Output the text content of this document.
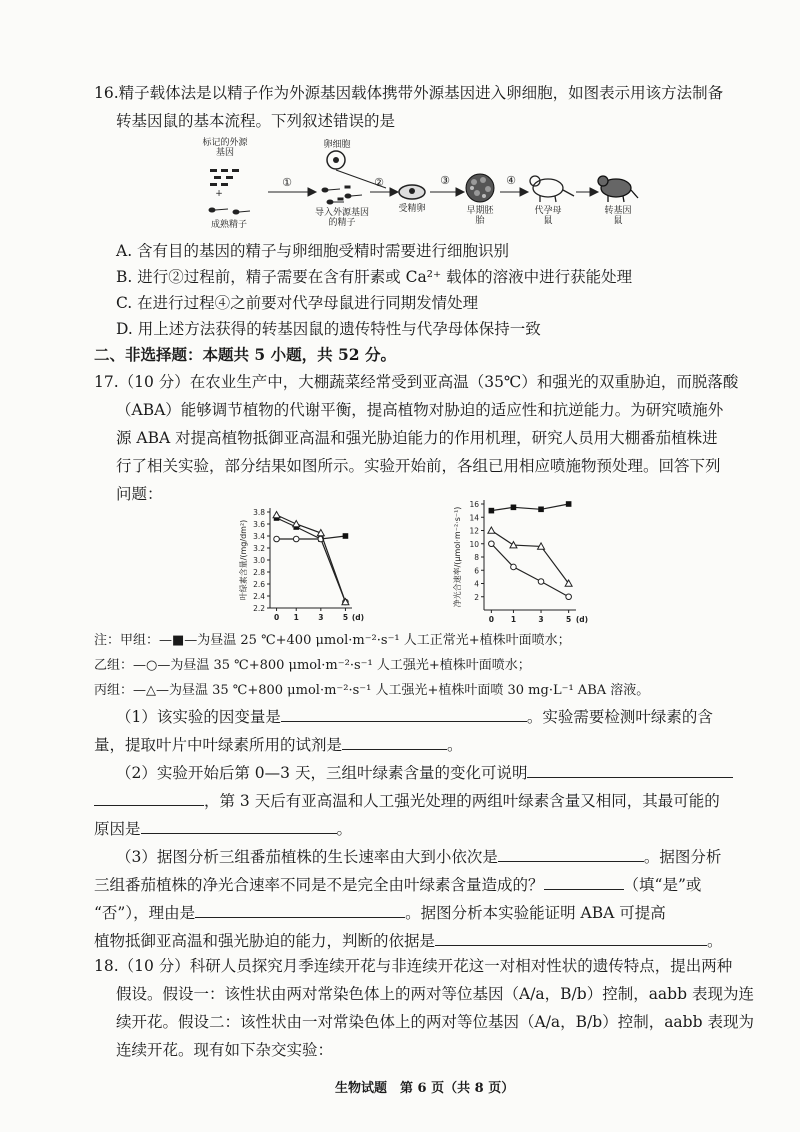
16.精子载体法是以精子作为外源基因载体携带外源基因进入卵细胞，如图表示用该方法制备
转基因鼠的基本流程。下列叙述错误的是
标记的外源基因
+
成熟精子
①
卵细胞
导入外源基因的精子
②
受精卵
③
早期胚胎
④
代孕母鼠
转基因鼠
A. 含有目的基因的精子与卵细胞受精时需要进行细胞识别
B. 进行②过程前，精子需要在含有肝素或 Ca²⁺ 载体的溶液中进行获能处理
C. 在进行过程④之前要对代孕母鼠进行同期发情处理
D. 用上述方法获得的转基因鼠的遗传特性与代孕母体保持一致
二、非选择题：本题共 5 小题，共 52 分。
17.（10 分）在农业生产中，大棚蔬菜经常受到亚高温（35℃）和强光的双重胁迫，而脱落酸
（ABA）能够调节植物的代谢平衡，提高植物对胁迫的适应性和抗逆能力。为研究喷施外
源 ABA 对提高植物抵御亚高温和强光胁迫能力的作用机理，研究人员用大棚番茄植株进
行了相关实验，部分结果如图所示。实验开始前，各组已用相应喷施物预处理。回答下列
问题：
3.8
3.6
3.4
3.2
3.0
2.8
2.6
2.4
2.2
0 1	3	5 (d)
叶绿素含量/(mg/dm²)
16
14
12
10
8
6
4
2
0 1	3	5 (d)
净光合速率/(μmol·m⁻²·s⁻¹)
注：甲组：—■—为昼温 25 ℃+400 μmol·m⁻²·s⁻¹ 人工正常光+植株叶面喷水；
乙组：—○—为昼温 35 ℃+800 μmol·m⁻²·s⁻¹ 人工强光+植株叶面喷水；
丙组：—△—为昼温 35 ℃+800 μmol·m⁻²·s⁻¹ 人工强光+植株叶面喷 30 mg·L⁻¹ ABA 溶液。
（1）该实验的因变量是	。实验需要检测叶绿素的含
量，提取叶片中叶绿素所用的试剂是	。
（2）实验开始后第 0—3 天，三组叶绿素含量的变化可说明
，第 3 天后有亚高温和人工强光处理的两组叶绿素含量又相同，其最可能的
原因是	。
（3）据图分析三组番茄植株的生长速率由大到小依次是	。据图分析
三组番茄植株的净光合速率不同是不是完全由叶绿素含量造成的？	（填“是”或
“否”），理由是	。据图分析本实验能证明 ABA 可提高
植物抵御亚高温和强光胁迫的能力，判断的依据是	。
18.（10 分）科研人员探究月季连续开花与非连续开花这一对相对性状的遗传特点，提出两种
假设。假设一：该性状由两对常染色体上的两对等位基因（A/a，B/b）控制，aabb 表现为连
续开花。假设二：该性状由一对常染色体上的两对等位基因（A/a，B/b）控制，aabb 表现为
连续开花。现有如下杂交实验：
生物试题　第 6 页（共 8 页）
